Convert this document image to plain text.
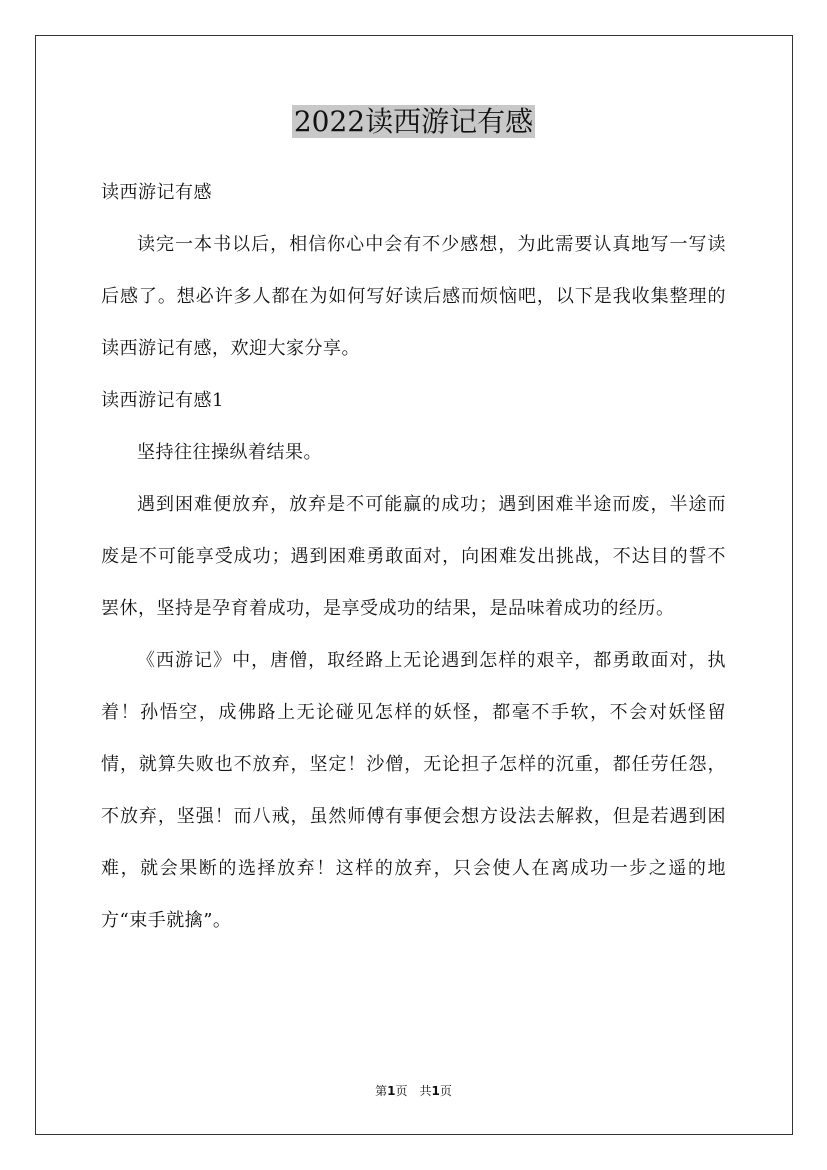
2022读西游记有感

读西游记有感

读完一本书以后，相信你心中会有不少感想，为此需要认真地写一写读后感了。想必许多人都在为如何写好读后感而烦恼吧，以下是我收集整理的读西游记有感，欢迎大家分享。

读西游记有感1

坚持往往操纵着结果。

遇到困难便放弃，放弃是不可能赢的成功；遇到困难半途而废，半途而废是不可能享受成功；遇到困难勇敢面对，向困难发出挑战，不达目的誓不罢休，坚持是孕育着成功，是享受成功的结果，是品味着成功的经历。

《西游记》中，唐僧，取经路上无论遇到怎样的艰辛，都勇敢面对，执着！孙悟空，成佛路上无论碰见怎样的妖怪，都毫不手软，不会对妖怪留情，就算失败也不放弃，坚定！沙僧，无论担子怎样的沉重，都任劳任怨，不放弃，坚强！而八戒，虽然师傅有事便会想方设法去解救，但是若遇到困难，就会果断的选择放弃！这样的放弃，只会使人在离成功一步之遥的地方“束手就擒”。

第1页 共1页
